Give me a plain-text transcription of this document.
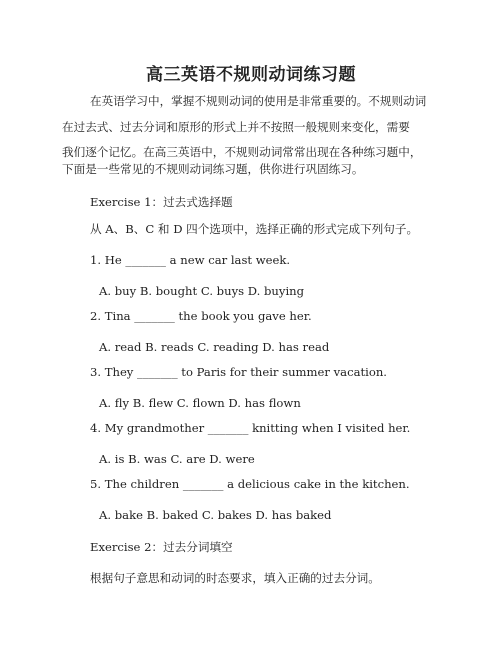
高三英语不规则动词练习题
在英语学习中，掌握不规则动词的使用是非常重要的。不规则动词
在过去式、过去分词和原形的形式上并不按照一般规则来变化，需要
我们逐个记忆。在高三英语中，不规则动词常常出现在各种练习题中，
下面是一些常见的不规则动词练习题，供你进行巩固练习。
Exercise 1：过去式选择题
从 A、B、C 和 D 四个选项中，选择正确的形式完成下列句子。
1. He _______ a new car last week.
A. buy B. bought C. buys D. buying
2. Tina _______ the book you gave her.
A. read B. reads C. reading D. has read
3. They _______ to Paris for their summer vacation.
A. fly B. flew C. flown D. has flown
4. My grandmother _______ knitting when I visited her.
A. is B. was C. are D. were
5. The children _______ a delicious cake in the kitchen.
A. bake B. baked C. bakes D. has baked
Exercise 2：过去分词填空
根据句子意思和动词的时态要求，填入正确的过去分词。
